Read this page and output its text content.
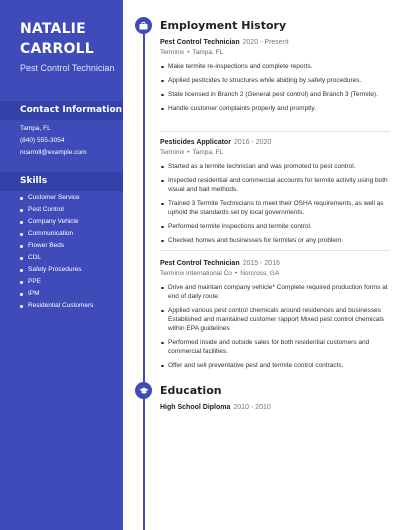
NATALIE
CARROLL
Pest Control Technician
Contact Information
Tampa, FL
(840) 555-3054
ncarroll@example.com
Skills
Customer Service
Pest Control
Company Vehicle
Communication
Flower Beds
CDL
Safety Procedures
PPE
IPM
Residential Customers
Employment History
Pest Control Technician 2020 - Present
Terminix • Tampa, FL
Make termite re-inspections and complete reports.
Applied pesticides to structures while abiding by safety procedures.
State licensed in Branch 2 (General pest control) and Branch 3 (Termite).
Handle customer complaints properly and promptly.
Pesticides Applicator 2016 - 2020
Terminix • Tampa, FL
Started as a termite technician and was promoted to pest control.
Inspected residential and commercial accounts for termite activity using both visual and bait methods.
Trained 3 Termite Technicians to meet their OSHA requirements, as well as uphold the standards set by local governments.
Performed termite inspections and termite control.
Checked homes and businesses for termites or any problem.
Pest Control Technician 2015 - 2016
Terminix International Co • Norcross, GA
Drive and maintain company vehicle* Complete required production forms at end of daily route.
Applied various pest control chemicals around residences and businesses Established and maintained customer rapport Mixed pest control chemicals within EPA guidelines
Performed inside and outside sales for both residential customers and commercial facilities.
Offer and sell preventative pest and termite control contracts.
Education
High School Diploma 2010 - 2010
